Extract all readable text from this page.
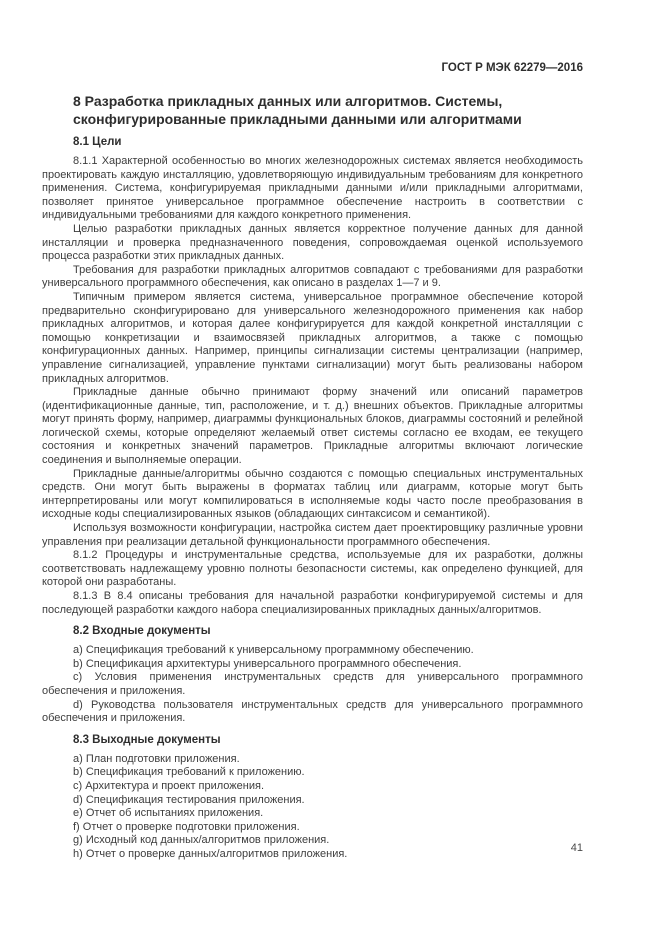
ГОСТ Р МЭК 62279—2016
8 Разработка прикладных данных или алгоритмов. Системы, сконфигурированные прикладными данными или алгоритмами
8.1 Цели

8.1.1 Характерной особенностью во многих железнодорожных системах является необходимость проектировать каждую инсталляцию, удовлетворяющую индивидуальным требованиям для конкретного применения. Система, конфигурируемая прикладными данными и/или прикладными алгоритмами, позволяет принятое универсальное программное обеспечение настроить в соответствии с индивидуальными требованиями для каждого конкретного применения.

Целью разработки прикладных данных является корректное получение данных для данной инсталляции и проверка предназначенного поведения, сопровождаемая оценкой используемого процесса разработки этих прикладных данных.

Требования для разработки прикладных алгоритмов совпадают с требованиями для разработки универсального программного обеспечения, как описано в разделах 1—7 и 9.

Типичным примером является система, универсальное программное обеспечение которой предварительно сконфигурировано для универсального железнодорожного применения как набор прикладных алгоритмов, и которая далее конфигурируется для каждой конкретной инсталляции с помощью конкретизации и взаимосвязей прикладных алгоритмов, а также с помощью конфигурационных данных. Например, принципы сигнализации системы централизации (например, управление сигнализацией, управление пунктами сигнализации) могут быть реализованы набором прикладных алгоритмов.

Прикладные данные обычно принимают форму значений или описаний параметров (идентификационные данные, тип, расположение, и т. д.) внешних объектов. Прикладные алгоритмы могут принять форму, например, диаграммы функциональных блоков, диаграммы состояний и релейной логической схемы, которые определяют желаемый ответ системы согласно ее входам, ее текущего состояния и конкретных значений параметров. Прикладные алгоритмы включают логические соединения и выполняемые операции.

Прикладные данные/алгоритмы обычно создаются с помощью специальных инструментальных средств. Они могут быть выражены в форматах таблиц или диаграмм, которые могут быть интерпретированы или могут компилироваться в исполняемые коды часто после преобразования в исходные коды специализированных языков (обладающих синтаксисом и семантикой).

Используя возможности конфигурации, настройка систем дает проектировщику различные уровни управления при реализации детальной функциональности программного обеспечения.

8.1.2 Процедуры и инструментальные средства, используемые для их разработки, должны соответствовать надлежащему уровню полноты безопасности системы, как определено функцией, для которой они разработаны.

8.1.3 В 8.4 описаны требования для начальной разработки конфигурируемой системы и для последующей разработки каждого набора специализированных прикладных данных/алгоритмов.

8.2 Входные документы

a) Спецификация требований к универсальному программному обеспечению.

b) Спецификация архитектуры универсального программного обеспечения.

c) Условия применения инструментальных средств для универсального программного обеспечения и приложения.

d) Руководства пользователя инструментальных средств для универсального программного обеспечения и приложения.

8.3 Выходные документы

a) План подготовки приложения.

b) Спецификация требований к приложению.

c) Архитектура и проект приложения.

d) Спецификация тестирования приложения.

e) Отчет об испытаниях приложения.

f) Отчет о проверке подготовки приложения.

g) Исходный код данных/алгоритмов приложения.

h) Отчет о проверке данных/алгоритмов приложения.	41
